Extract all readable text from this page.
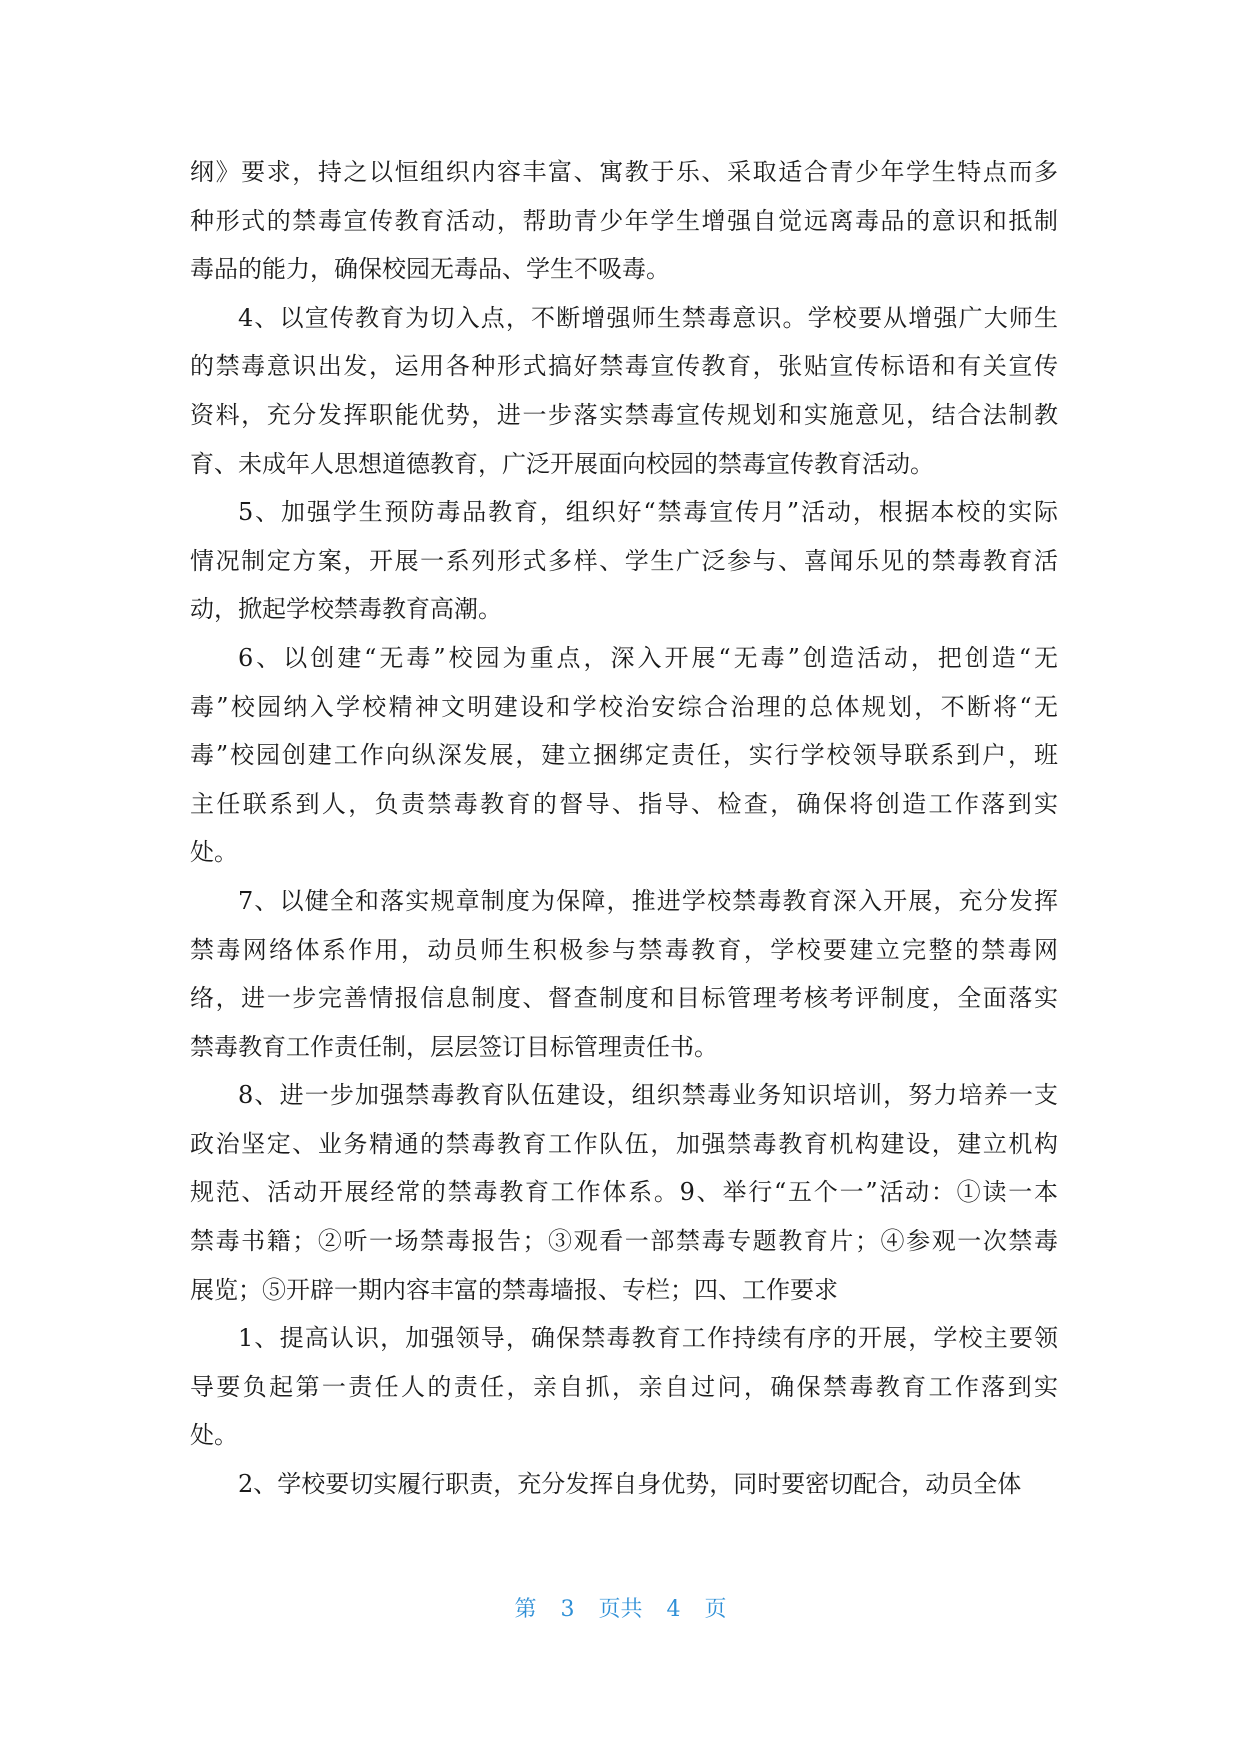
纲》要求，持之以恒组织内容丰富、寓教于乐、采取适合青少年学生特点而多
种形式的禁毒宣传教育活动，帮助青少年学生增强自觉远离毒品的意识和抵制
毒品的能力，确保校园无毒品、学生不吸毒。
4、以宣传教育为切入点，不断增强师生禁毒意识。学校要从增强广大师生
的禁毒意识出发，运用各种形式搞好禁毒宣传教育，张贴宣传标语和有关宣传
资料，充分发挥职能优势，进一步落实禁毒宣传规划和实施意见，结合法制教
育、未成年人思想道德教育，广泛开展面向校园的禁毒宣传教育活动。
5、加强学生预防毒品教育，组织好“禁毒宣传月”活动，根据本校的实际
情况制定方案，开展一系列形式多样、学生广泛参与、喜闻乐见的禁毒教育活
动，掀起学校禁毒教育高潮。
6、以创建“无毒”校园为重点，深入开展“无毒”创造活动，把创造“无
毒”校园纳入学校精神文明建设和学校治安综合治理的总体规划，不断将“无
毒”校园创建工作向纵深发展，建立捆绑定责任，实行学校领导联系到户，班
主任联系到人，负责禁毒教育的督导、指导、检查，确保将创造工作落到实
处。
7、以健全和落实规章制度为保障，推进学校禁毒教育深入开展，充分发挥
禁毒网络体系作用，动员师生积极参与禁毒教育，学校要建立完整的禁毒网
络，进一步完善情报信息制度、督查制度和目标管理考核考评制度，全面落实
禁毒教育工作责任制，层层签订目标管理责任书。
8、进一步加强禁毒教育队伍建设，组织禁毒业务知识培训，努力培养一支
政治坚定、业务精通的禁毒教育工作队伍，加强禁毒教育机构建设，建立机构
规范、活动开展经常的禁毒教育工作体系。9、举行“五个一”活动：①读一本
禁毒书籍；②听一场禁毒报告；③观看一部禁毒专题教育片；④参观一次禁毒
展览；⑤开辟一期内容丰富的禁毒墙报、专栏；四、工作要求
1、提高认识，加强领导，确保禁毒教育工作持续有序的开展，学校主要领
导要负起第一责任人的责任，亲自抓，亲自过问，确保禁毒教育工作落到实
处。
2、学校要切实履行职责，充分发挥自身优势，同时要密切配合，动员全体
第 3 页共 4 页
